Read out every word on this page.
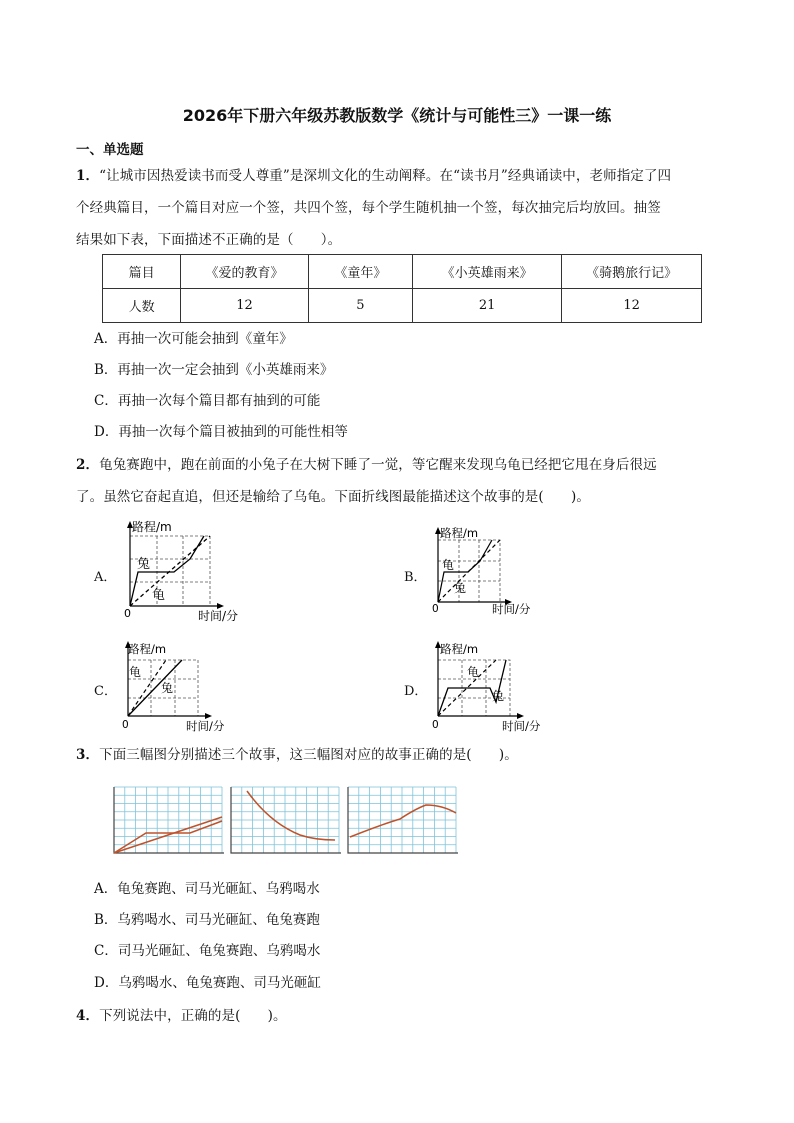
2026年下册六年级苏教版数学《统计与可能性三》一课一练
一、单选题
1．“让城市因热爱读书而受人尊重”是深圳文化的生动阐释。在“读书月”经典诵读中，老师指定了四
个经典篇目，一个篇目对应一个签，共四个签，每个学生随机抽一个签，每次抽完后均放回。抽签
结果如下表，下面描述不正确的是（　　）。
篇目	《爱的教育》	《童年》	《小英雄雨来》	《骑鹅旅行记》
人数	12	5	21	12
A．再抽一次可能会抽到《童年》
B．再抽一次一定会抽到《小英雄雨来》
C．再抽一次每个篇目都有抽到的可能
D．再抽一次每个篇目被抽到的可能性相等
2．龟兔赛跑中，跑在前面的小兔子在大树下睡了一觉，等它醒来发现乌龟已经把它甩在身后很远
了。虽然它奋起直追，但还是输给了乌龟。下面折线图最能描述这个故事的是(　　)。
A．
路程/m
时间/分
0
兔
龟
B．
路程/m
时间/分
0
龟
兔
C．
路程/m
时间/分
0
龟
兔	D．
路程/m
时间/分
0
龟
兔
3．下面三幅图分别描述三个故事，这三幅图对应的故事正确的是(　　)。
A．龟兔赛跑、司马光砸缸、乌鸦喝水
B．乌鸦喝水、司马光砸缸、龟兔赛跑
C．司马光砸缸、龟兔赛跑、乌鸦喝水
D．乌鸦喝水、龟兔赛跑、司马光砸缸
4．下列说法中，正确的是(　　)。
